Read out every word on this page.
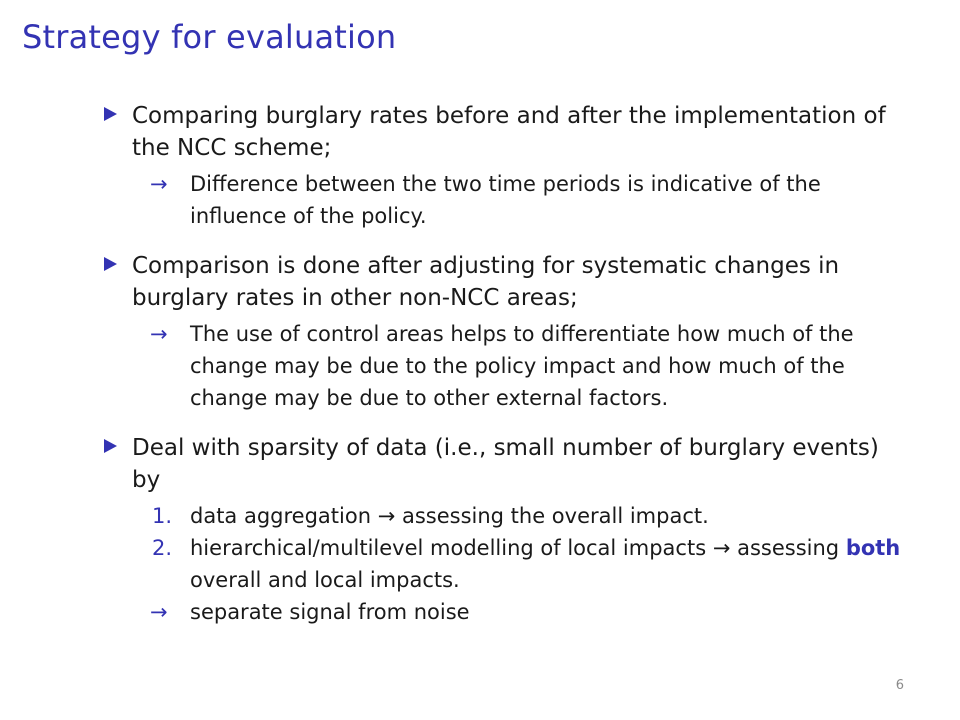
Strategy for evaluation
Comparing burglary rates before and after the implementation of the NCC scheme;
→ Difference between the two time periods is indicative of the influence of the policy.
Comparison is done after adjusting for systematic changes in burglary rates in other non-NCC areas;
→ The use of control areas helps to differentiate how much of the change may be due to the policy impact and how much of the change may be due to other external factors.
Deal with sparsity of data (i.e., small number of burglary events) by
1. data aggregation → assessing the overall impact.
2. hierarchical/multilevel modelling of local impacts → assessing both overall and local impacts.
→ separate signal from noise
6
